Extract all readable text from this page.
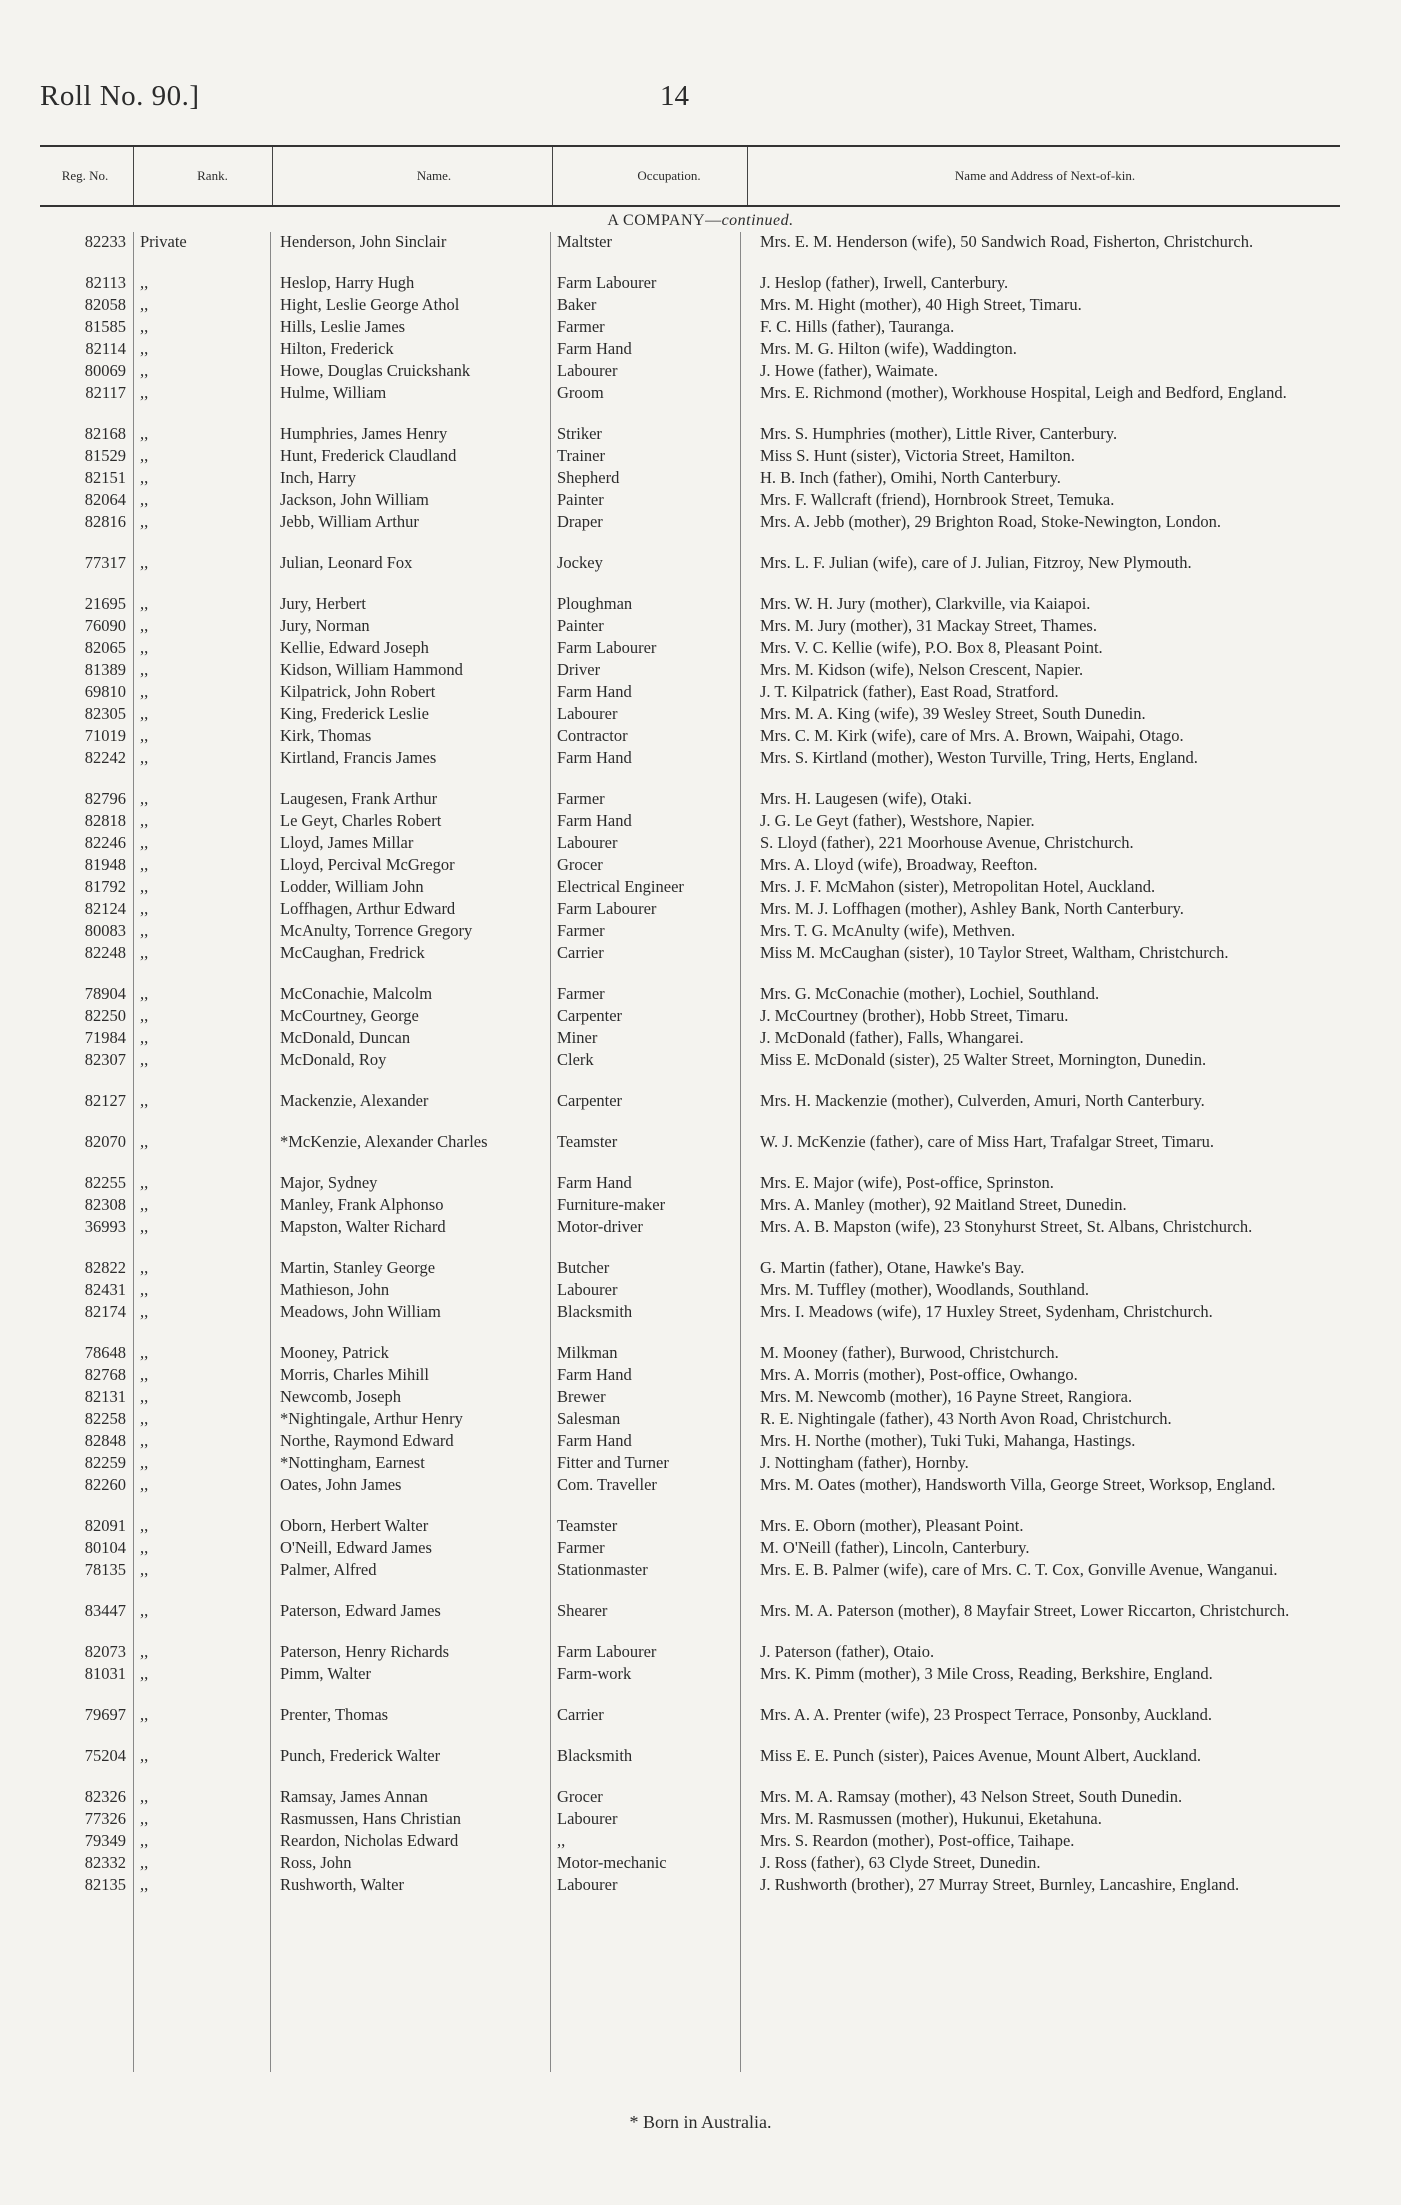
Roll No. 90.]	14
Reg. No.	Rank.	Name.	Occupation.	Name and Address of Next-of-kin.
A COMPANY—continued.
82233 Private	Henderson, John Sinclair	Maltster	Mrs. E. M. Henderson (wife), 50 Sandwich Road, Fisherton, Christchurch.
82113 ,,	Heslop, Harry Hugh	Farm Labourer	J. Heslop (father), Irwell, Canterbury.
82058 ,,	Hight, Leslie George Athol	Baker	Mrs. M. Hight (mother), 40 High Street, Timaru.
81585 ,,	Hills, Leslie James	Farmer	F. C. Hills (father), Tauranga.
82114 ,,	Hilton, Frederick	Farm Hand	Mrs. M. G. Hilton (wife), Waddington.
80069 ,,	Howe, Douglas Cruickshank	Labourer	J. Howe (father), Waimate.
82117 ,,	Hulme, William	Groom	Mrs. E. Richmond (mother), Workhouse Hospital, Leigh and Bedford, England.
82168 ,,	Humphries, James Henry	Striker	Mrs. S. Humphries (mother), Little River, Canterbury.
81529 ,,	Hunt, Frederick Claudland	Trainer	Miss S. Hunt (sister), Victoria Street, Hamilton.
82151 ,,	Inch, Harry	Shepherd	H. B. Inch (father), Omihi, North Canterbury.
82064 ,,	Jackson, John William	Painter	Mrs. F. Wallcraft (friend), Hornbrook Street, Temuka.
82816 ,,	Jebb, William Arthur	Draper	Mrs. A. Jebb (mother), 29 Brighton Road, Stoke-Newington, London.
77317 ,,	Julian, Leonard Fox	Jockey	Mrs. L. F. Julian (wife), care of J. Julian, Fitzroy, New Plymouth.
21695 ,,	Jury, Herbert	Ploughman	Mrs. W. H. Jury (mother), Clarkville, via Kaiapoi.
76090 ,,	Jury, Norman	Painter	Mrs. M. Jury (mother), 31 Mackay Street, Thames.
82065 ,,	Kellie, Edward Joseph	Farm Labourer	Mrs. V. C. Kellie (wife), P.O. Box 8, Pleasant Point.
81389 ,,	Kidson, William Hammond	Driver	Mrs. M. Kidson (wife), Nelson Crescent, Napier.
69810 ,,	Kilpatrick, John Robert	Farm Hand	J. T. Kilpatrick (father), East Road, Stratford.
82305 ,,	King, Frederick Leslie	Labourer	Mrs. M. A. King (wife), 39 Wesley Street, South Dunedin.
71019 ,,	Kirk, Thomas	Contractor	Mrs. C. M. Kirk (wife), care of Mrs. A. Brown, Waipahi, Otago.
82242 ,,	Kirtland, Francis James	Farm Hand	Mrs. S. Kirtland (mother), Weston Turville, Tring, Herts, England.
82796 ,,	Laugesen, Frank Arthur	Farmer	Mrs. H. Laugesen (wife), Otaki.
82818 ,,	Le Geyt, Charles Robert	Farm Hand	J. G. Le Geyt (father), Westshore, Napier.
82246 ,,	Lloyd, James Millar	Labourer	S. Lloyd (father), 221 Moorhouse Avenue, Christchurch.
81948 ,,	Lloyd, Percival McGregor	Grocer	Mrs. A. Lloyd (wife), Broadway, Reefton.
81792 ,,	Lodder, William John	Electrical Engineer	Mrs. J. F. McMahon (sister), Metropolitan Hotel, Auckland.
82124 ,,	Loffhagen, Arthur Edward	Farm Labourer	Mrs. M. J. Loffhagen (mother), Ashley Bank, North Canterbury.
80083 ,,	McAnulty, Torrence Gregory	Farmer	Mrs. T. G. McAnulty (wife), Methven.
82248 ,,	McCaughan, Fredrick	Carrier	Miss M. McCaughan (sister), 10 Taylor Street, Waltham, Christchurch.
78904 ,,	McConachie, Malcolm	Farmer	Mrs. G. McConachie (mother), Lochiel, Southland.
82250 ,,	McCourtney, George	Carpenter	J. McCourtney (brother), Hobb Street, Timaru.
71984 ,,	McDonald, Duncan	Miner	J. McDonald (father), Falls, Whangarei.
82307 ,,	McDonald, Roy	Clerk	Miss E. McDonald (sister), 25 Walter Street, Mornington, Dunedin.
82127 ,,	Mackenzie, Alexander	Carpenter	Mrs. H. Mackenzie (mother), Culverden, Amuri, North Canterbury.
82070 ,,	*McKenzie, Alexander Charles	Teamster	W. J. McKenzie (father), care of Miss Hart, Trafalgar Street, Timaru.
82255 ,,	Major, Sydney	Farm Hand	Mrs. E. Major (wife), Post-office, Sprinston.
82308 ,,	Manley, Frank Alphonso	Furniture-maker	Mrs. A. Manley (mother), 92 Maitland Street, Dunedin.
36993 ,,	Mapston, Walter Richard	Motor-driver	Mrs. A. B. Mapston (wife), 23 Stonyhurst Street, St. Albans, Christchurch.
82822 ,,	Martin, Stanley George	Butcher	G. Martin (father), Otane, Hawke's Bay.
82431 ,,	Mathieson, John	Labourer	Mrs. M. Tuffley (mother), Woodlands, Southland.
82174 ,,	Meadows, John William	Blacksmith	Mrs. I. Meadows (wife), 17 Huxley Street, Sydenham, Christchurch.
78648 ,,	Mooney, Patrick	Milkman	M. Mooney (father), Burwood, Christchurch.
82768 ,,	Morris, Charles Mihill	Farm Hand	Mrs. A. Morris (mother), Post-office, Owhango.
82131 ,,	Newcomb, Joseph	Brewer	Mrs. M. Newcomb (mother), 16 Payne Street, Rangiora.
82258 ,,	*Nightingale, Arthur Henry	Salesman	R. E. Nightingale (father), 43 North Avon Road, Christchurch.
82848 ,,	Northe, Raymond Edward	Farm Hand	Mrs. H. Northe (mother), Tuki Tuki, Mahanga, Hastings.
82259 ,,	*Nottingham, Earnest	Fitter and Turner	J. Nottingham (father), Hornby.
82260 ,,	Oates, John James	Com. Traveller	Mrs. M. Oates (mother), Handsworth Villa, George Street, Worksop, England.
82091 ,,	Oborn, Herbert Walter	Teamster	Mrs. E. Oborn (mother), Pleasant Point.
80104 ,,	O'Neill, Edward James	Farmer	M. O'Neill (father), Lincoln, Canterbury.
78135 ,,	Palmer, Alfred	Stationmaster	Mrs. E. B. Palmer (wife), care of Mrs. C. T. Cox, Gonville Avenue, Wanganui.
83447 ,,	Paterson, Edward James	Shearer	Mrs. M. A. Paterson (mother), 8 Mayfair Street, Lower Riccarton, Christchurch.
82073 ,,	Paterson, Henry Richards	Farm Labourer	J. Paterson (father), Otaio.
81031 ,,	Pimm, Walter	Farm-work	Mrs. K. Pimm (mother), 3 Mile Cross, Reading, Berkshire, England.
79697 ,,	Prenter, Thomas	Carrier	Mrs. A. A. Prenter (wife), 23 Prospect Terrace, Ponsonby, Auckland.
75204 ,,	Punch, Frederick Walter	Blacksmith	Miss E. E. Punch (sister), Paices Avenue, Mount Albert, Auckland.
82326 ,,	Ramsay, James Annan	Grocer	Mrs. M. A. Ramsay (mother), 43 Nelson Street, South Dunedin.
77326 ,,	Rasmussen, Hans Christian	Labourer	Mrs. M. Rasmussen (mother), Hukunui, Eketahuna.
79349 ,,	Reardon, Nicholas Edward	,,	Mrs. S. Reardon (mother), Post-office, Taihape.
82332 ,,	Ross, John	Motor-mechanic	J. Ross (father), 63 Clyde Street, Dunedin.
82135 ,,	Rushworth, Walter	Labourer	J. Rushworth (brother), 27 Murray Street, Burnley, Lancashire, England.
* Born in Australia.
